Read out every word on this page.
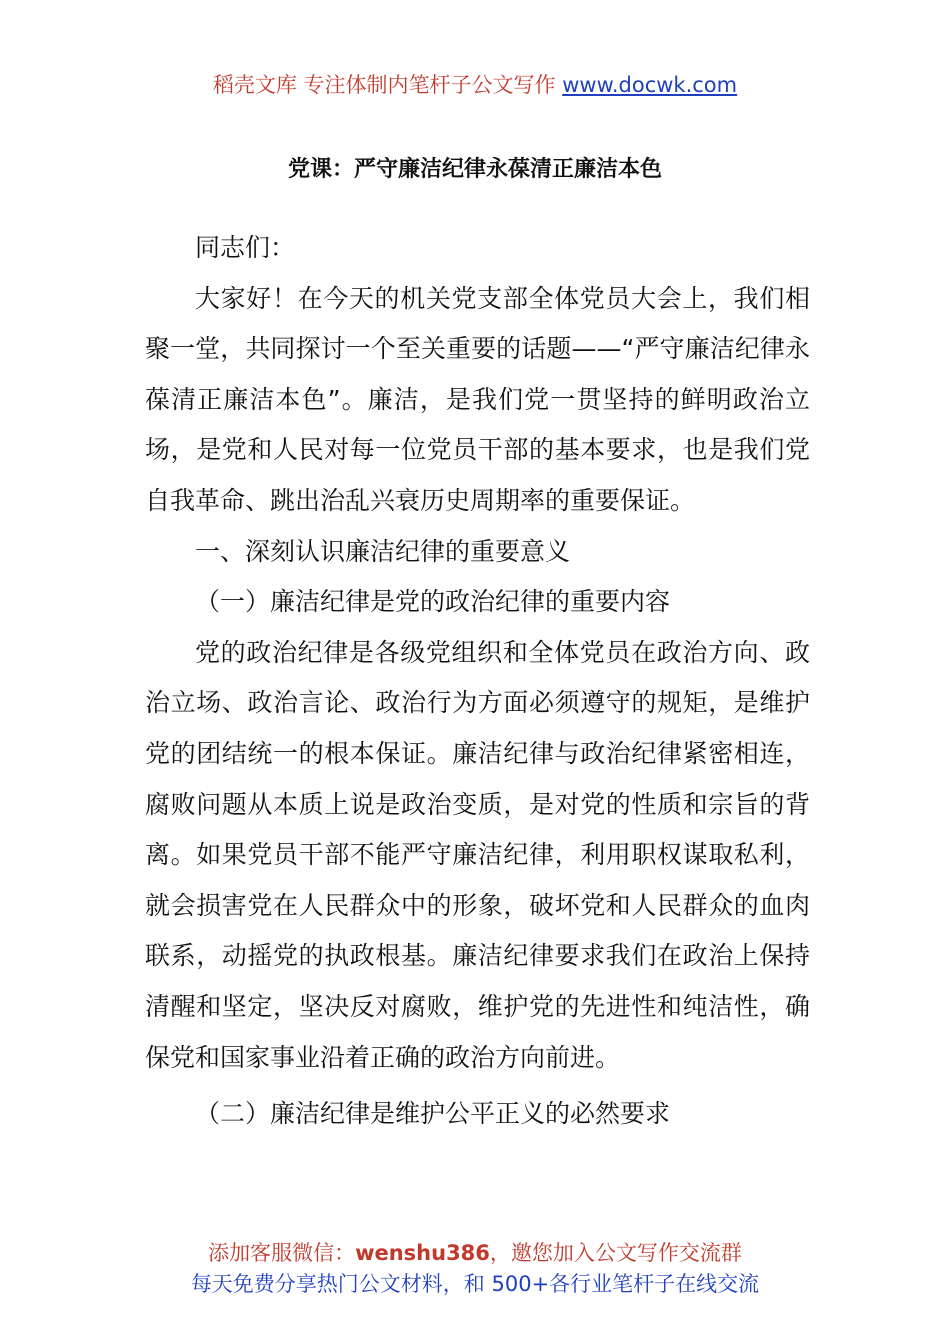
稻壳文库 专注体制内笔杆子公文写作 www.docwk.com
党课：严守廉洁纪律永葆清正廉洁本色

同志们：

大家好！在今天的机关党支部全体党员大会上，我们相聚一堂，共同探讨一个至关重要的话题——“严守廉洁纪律永葆清正廉洁本色”。廉洁，是我们党一贯坚持的鲜明政治立场，是党和人民对每一位党员干部的基本要求，也是我们党自我革命、跳出治乱兴衰历史周期率的重要保证。

一、深刻认识廉洁纪律的重要意义

（一）廉洁纪律是党的政治纪律的重要内容

党的政治纪律是各级党组织和全体党员在政治方向、政治立场、政治言论、政治行为方面必须遵守的规矩，是维护党的团结统一的根本保证。廉洁纪律与政治纪律紧密相连，腐败问题从本质上说是政治变质，是对党的性质和宗旨的背离。如果党员干部不能严守廉洁纪律，利用职权谋取私利，就会损害党在人民群众中的形象，破坏党和人民群众的血肉联系，动摇党的执政根基。廉洁纪律要求我们在政治上保持清醒和坚定，坚决反对腐败，维护党的先进性和纯洁性，确保党和国家事业沿着正确的政治方向前进。

（二）廉洁纪律是维护公平正义的必然要求

添加客服微信：wenshu386，邀您加入公文写作交流群
每天免费分享热门公文材料，和 500+各行业笔杆子在线交流
